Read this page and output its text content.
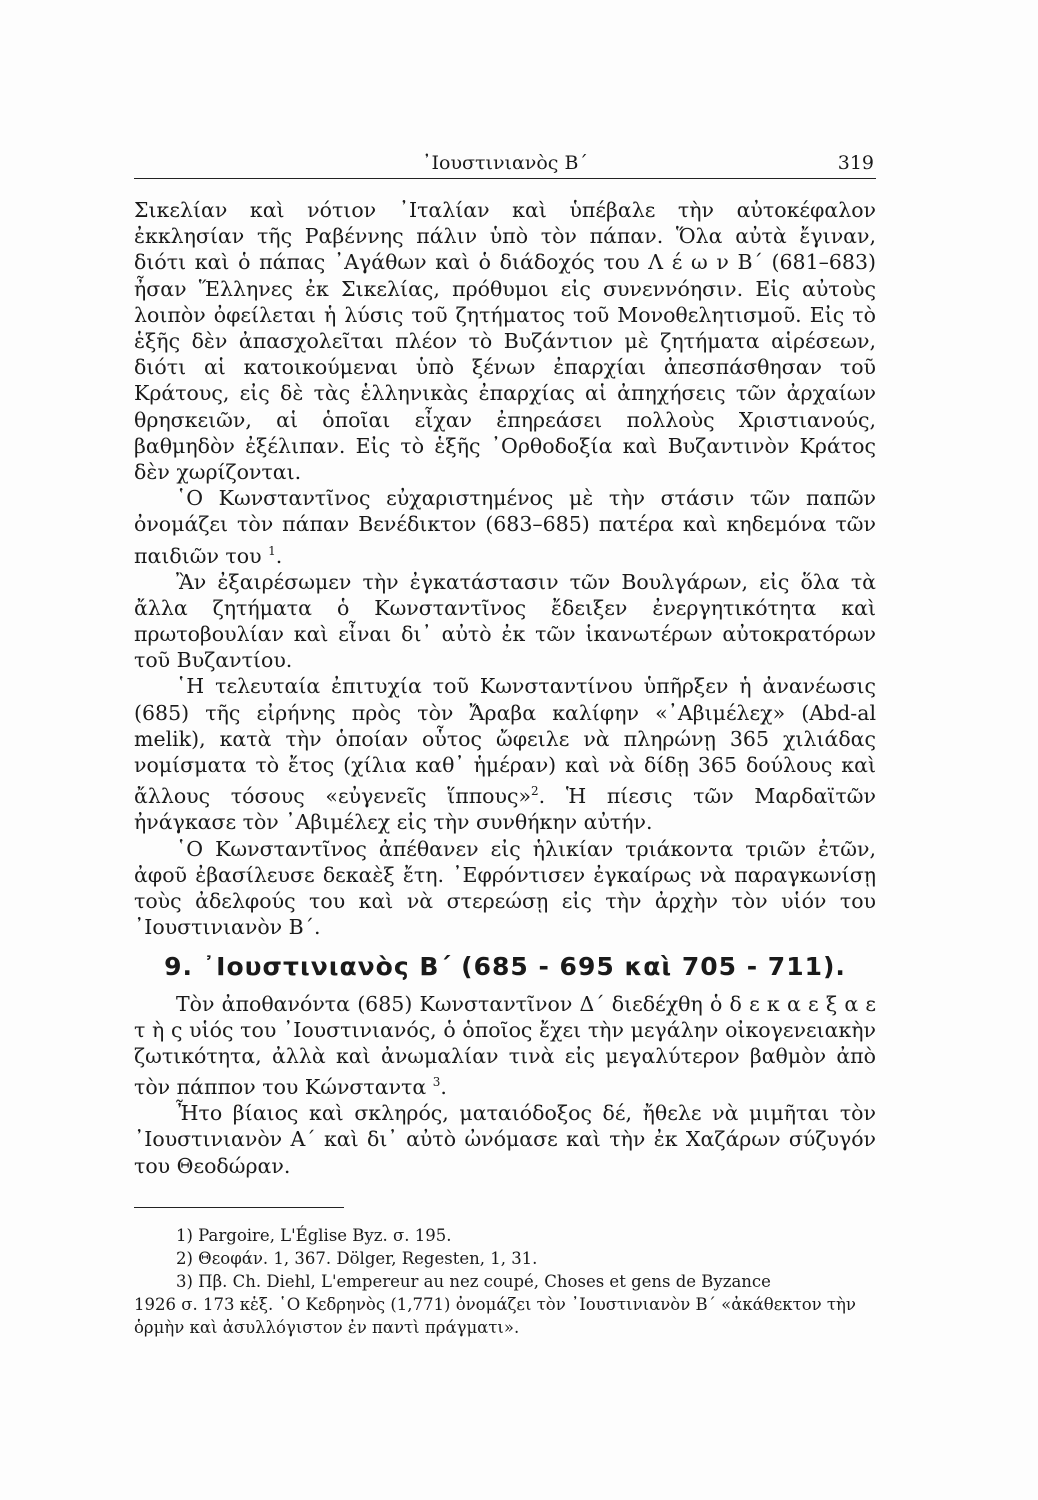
᾿Ιουστινιανὸς Β΄	319

Σικελίαν καὶ νότιον ᾿Ιταλίαν καὶ ὑπέβαλε τὴν αὐτοκέφαλον ἐκκλησίαν τῆς Ραβέννης πάλιν ὑπὸ τὸν πάπαν. Ὅλα αὐτὰ ἔγιναν, διότι καὶ ὁ πάπας ᾿Αγάθων καὶ ὁ διάδοχός του Λ έ ω ν Β΄ (681–683) ἦσαν Ἕλληνες ἐκ Σικελίας, πρόθυμοι εἰς συνεννόησιν. Εἰς αὐτοὺς λοιπὸν ὀφείλεται ἡ λύσις τοῦ ζητήματος τοῦ Μονοθελητισμοῦ. Εἰς τὸ ἑξῆς δὲν ἀπασχολεῖται πλέον τὸ Βυζάντιον μὲ ζητήματα αἱρέσεων, διότι αἱ κατοικούμεναι ὑπὸ ξένων ἐπαρχίαι ἀπεσπάσθησαν τοῦ Κράτους, εἰς δὲ τὰς ἑλληνικὰς ἐπαρχίας αἱ ἀπηχήσεις τῶν ἀρχαίων θρησκειῶν, αἱ ὁποῖαι εἶχαν ἐπηρεάσει πολλοὺς Χριστιανούς, βαθμηδὸν ἐξέλιπαν. Εἰς τὸ ἑξῆς ᾿Ορθοδοξία καὶ Βυζαντινὸν Κράτος δὲν χωρίζονται.

῾Ο Κωνσταντῖνος εὐχαριστημένος μὲ τὴν στάσιν τῶν παπῶν ὀνομάζει τὸν πάπαν Βενέδικτον (683–685) πατέρα καὶ κηδεμόνα τῶν παιδιῶν του $^1$.

Ἂν ἐξαιρέσωμεν τὴν ἐγκατάστασιν τῶν Βουλγάρων, εἰς ὅλα τὰ ἄλλα ζητήματα ὁ Κωνσταντῖνος ἔδειξεν ἐνεργητικότητα καὶ πρωτοβουλίαν καὶ εἶναι δι᾿ αὐτὸ ἐκ τῶν ἱκανωτέρων αὐτοκρατόρων τοῦ Βυζαντίου.

῾Η τελευταία ἐπιτυχία τοῦ Κωνσταντίνου ὑπῆρξεν ἡ ἀνανέωσις (685) τῆς εἰρήνης πρὸς τὸν Ἄραβα καλίφην «᾿Αβιμέλεχ» (Abd-al melik), κατὰ τὴν ὁποίαν οὗτος ὤφειλε νὰ πληρώνῃ 365 χιλιάδας νομίσματα τὸ ἔτος (χίλια καθ᾿ ἡμέραν) καὶ νὰ δίδῃ 365 δούλους καὶ ἄλλους τόσους «εὐγενεῖς ἵππους»$^2$. Ἡ πίεσις τῶν Μαρδαϊτῶν ἠνάγκασε τὸν ᾿Αβιμέλεχ εἰς τὴν συνθήκην αὐτήν.

῾Ο Κωνσταντῖνος ἀπέθανεν εἰς ἡλικίαν τριάκοντα τριῶν ἐτῶν, ἀφοῦ ἐβασίλευσε δεκαὲξ ἔτη. ᾿Εφρόντισεν ἐγκαίρως νὰ παραγκωνίσῃ τοὺς ἀδελφούς του καὶ νὰ στερεώσῃ εἰς τὴν ἀρχὴν τὸν υἱόν του ᾿Ιουστινιανὸν Β΄.

9. ᾿Ιουστινιανὸς Β΄ (685 - 695 καὶ 705 - 711).

Τὸν ἀποθανόντα (685) Κωνσταντῖνον Δ΄ διεδέχθη ὁ δ ε κ α ε ξ α ε τ ὴ ς υἱός του ᾿Ιουστινιανός, ὁ ὁποῖος ἔχει τὴν μεγάλην οἰκογενειακὴν ζωτικότητα, ἀλλὰ καὶ ἀνωμαλίαν τινὰ εἰς μεγαλύτερον βαθμὸν ἀπὸ τὸν πάππον του Κώνσταντα $^3$.

Ἦτο βίαιος καὶ σκληρός, ματαιόδοξος δέ, ἤθελε νὰ μιμῆται τὸν ᾿Ιουστινιανὸν Α΄ καὶ δι᾿ αὐτὸ ὠνόμασε καὶ τὴν ἐκ Χαζάρων σύζυγόν του Θεοδώραν.

1) Pargoire, L'Église Byz. σ. 195.

2) Θεοφάν. 1, 367. Dölger, Regesten, 1, 31.

3) Πβ. Ch. Diehl, L'empereur au nez coupé, Choses et gens de Byzance

1926 σ. 173 κἑξ. ῾Ο Κεδρηνὸς (1,771) ὀνομάζει τὸν ᾿Ιουστινιανὸν Β΄ «ἀκάθεκτον τὴν ὁρμὴν καὶ ἀσυλλόγιστον ἐν παντὶ πράγματι».
